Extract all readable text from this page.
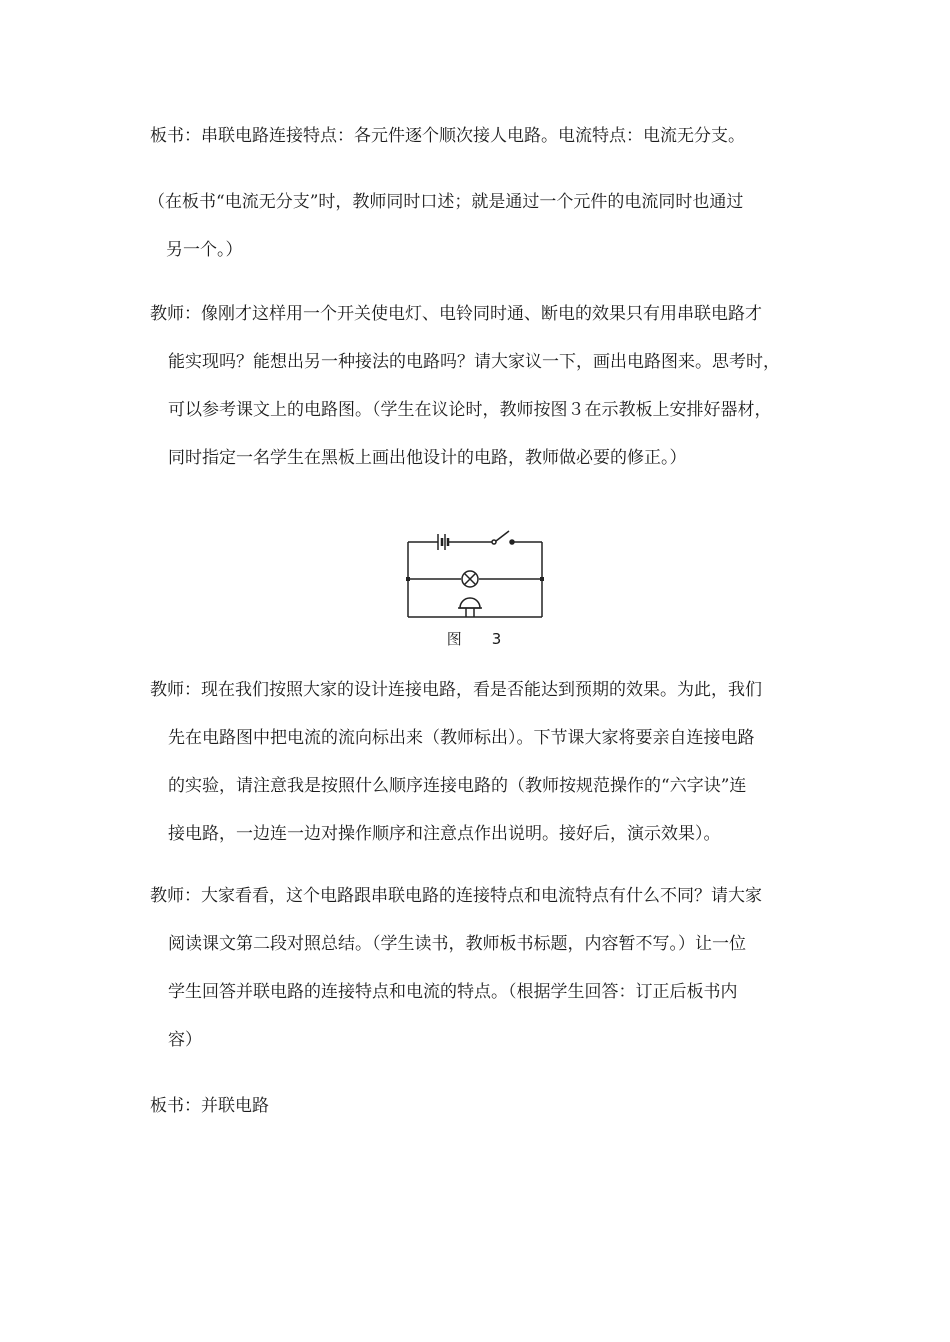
板书：串联电路连接特点：各元件逐个顺次接人电路。电流特点：电流无分支。
（在板书“电流无分支”时，教师同时口述；就是通过一个元件的电流同时也通过
另一个。）
教师：像刚才这样用一个开关使电灯、电铃同时通、断电的效果只有用串联电路才
能实现吗？能想出另一种接法的电路吗？请大家议一下，画出电路图来。思考时，
可以参考课文上的电路图。（学生在议论时，教师按图３在示教板上安排好器材，
同时指定一名学生在黑板上画出他设计的电路，教师做必要的修正。）
图 3
教师：现在我们按照大家的设计连接电路，看是否能达到预期的效果。为此，我们
先在电路图中把电流的流向标出来（教师标出）。下节课大家将要亲自连接电路
的实验，请注意我是按照什么顺序连接电路的（教师按规范操作的“六字诀”连
接电路，一边连一边对操作顺序和注意点作出说明。接好后，演示效果）。
教师：大家看看，这个电路跟串联电路的连接特点和电流特点有什么不同？请大家
阅读课文第二段对照总结。（学生读书，教师板书标题，内容暂不写。）让一位
学生回答并联电路的连接特点和电流的特点。（根据学生回答：订正后板书内
容）
板书：并联电路
